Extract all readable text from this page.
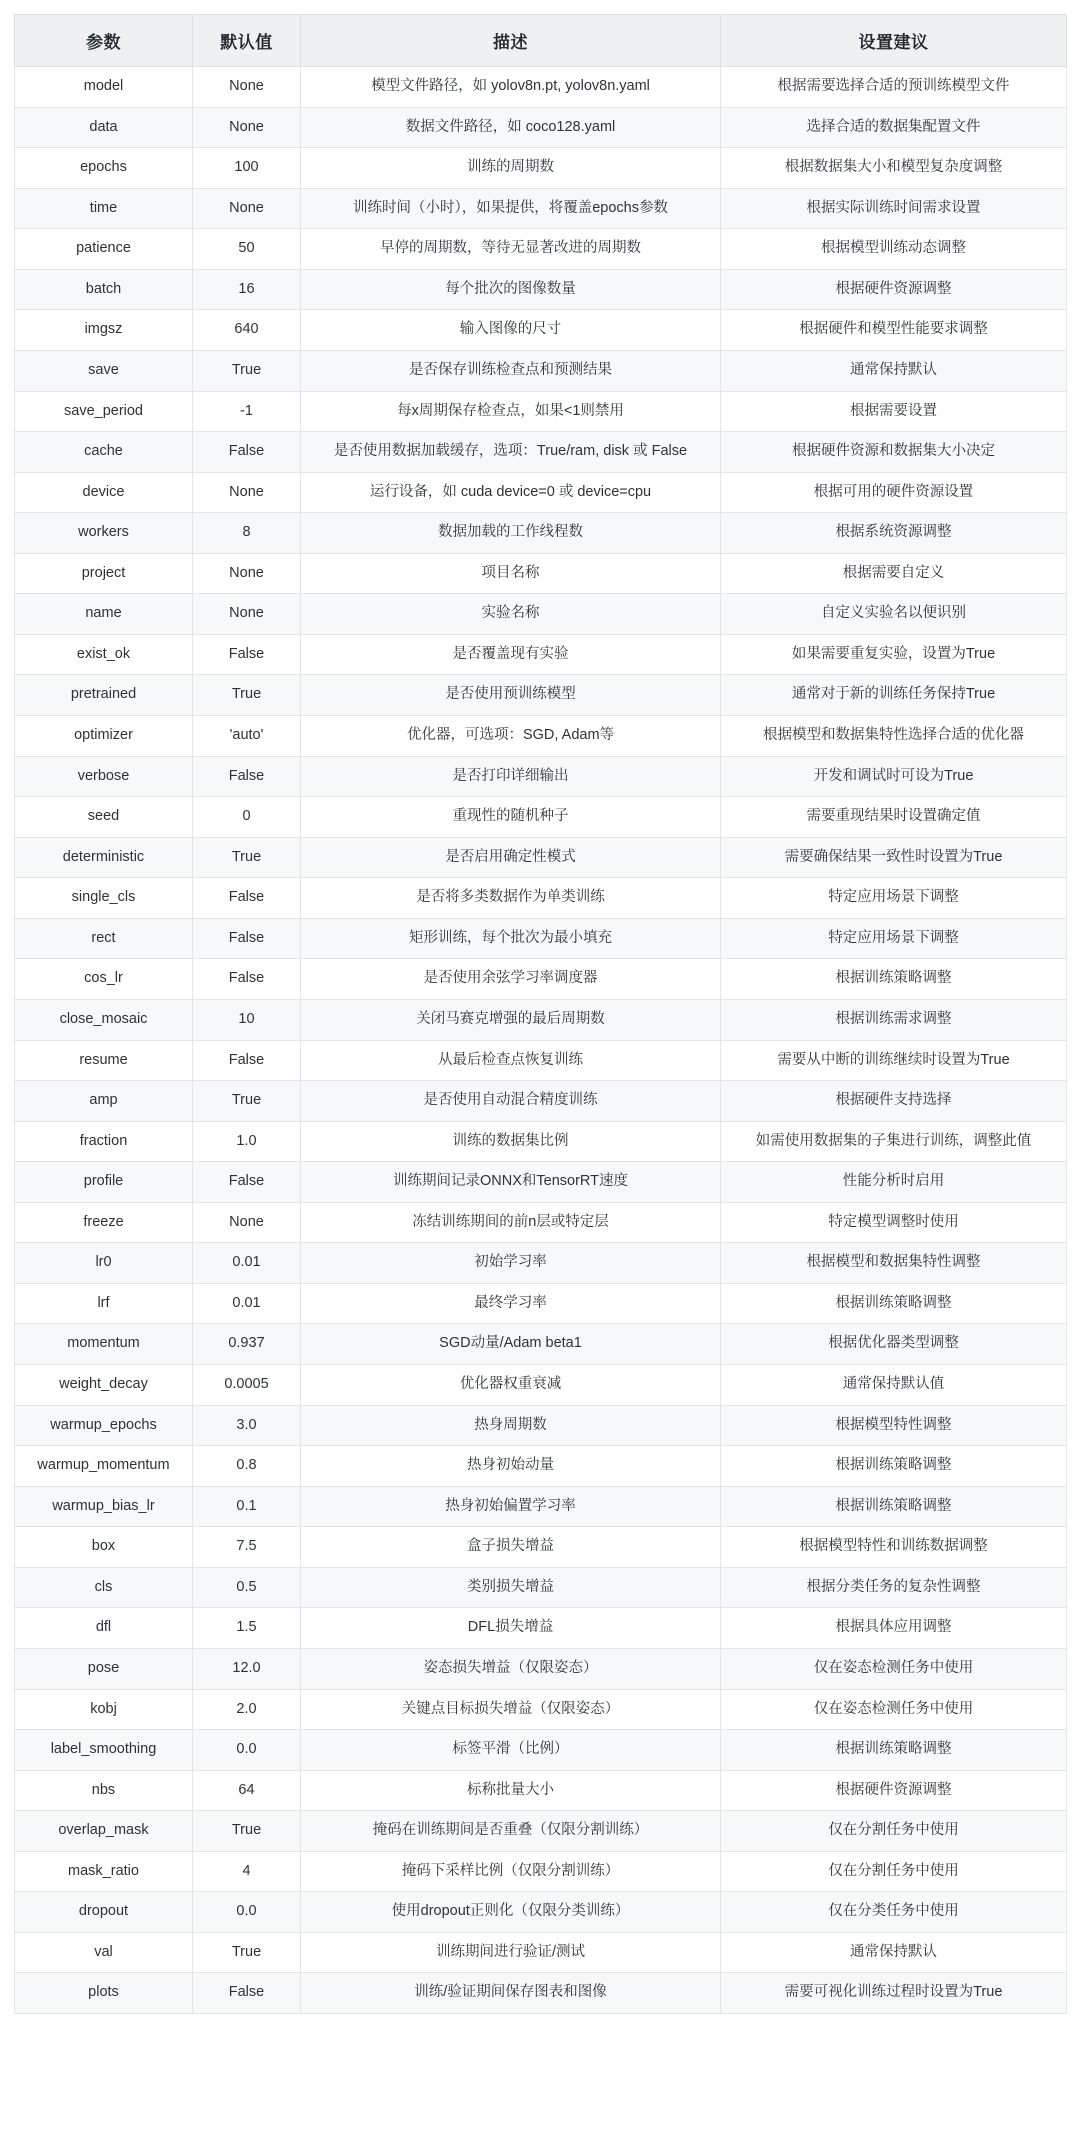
参数	默认值	描述	设置建议
model	None	模型文件路径，如 yolov8n.pt, yolov8n.yaml	根据需要选择合适的预训练模型文件
data	None	数据文件路径，如 coco128.yaml	选择合适的数据集配置文件
epochs	100	训练的周期数	根据数据集大小和模型复杂度调整
time	None	训练时间（小时），如果提供，将覆盖epochs参数	根据实际训练时间需求设置
patience	50	早停的周期数，等待无显著改进的周期数	根据模型训练动态调整
batch	16	每个批次的图像数量	根据硬件资源调整
imgsz	640	输入图像的尺寸	根据硬件和模型性能要求调整
save	True	是否保存训练检查点和预测结果	通常保持默认
save_period	-1	每x周期保存检查点，如果<1则禁用	根据需要设置
cache	False	是否使用数据加载缓存，选项：True/ram, disk 或 False	根据硬件资源和数据集大小决定
device	None	运行设备，如 cuda device=0 或 device=cpu	根据可用的硬件资源设置
workers	8	数据加载的工作线程数	根据系统资源调整
project	None	项目名称	根据需要自定义
name	None	实验名称	自定义实验名以便识别
exist_ok	False	是否覆盖现有实验	如果需要重复实验，设置为True
pretrained	True	是否使用预训练模型	通常对于新的训练任务保持True
optimizer	'auto'	优化器，可选项：SGD, Adam等	根据模型和数据集特性选择合适的优化器
verbose	False	是否打印详细输出	开发和调试时可设为True
seed	0	重现性的随机种子	需要重现结果时设置确定值
deterministic	True	是否启用确定性模式	需要确保结果一致性时设置为True
single_cls	False	是否将多类数据作为单类训练	特定应用场景下调整
rect	False	矩形训练，每个批次为最小填充	特定应用场景下调整
cos_lr	False	是否使用余弦学习率调度器	根据训练策略调整
close_mosaic	10	关闭马赛克增强的最后周期数	根据训练需求调整
resume	False	从最后检查点恢复训练	需要从中断的训练继续时设置为True
amp	True	是否使用自动混合精度训练	根据硬件支持选择
fraction	1.0	训练的数据集比例	如需使用数据集的子集进行训练，调整此值
profile	False	训练期间记录ONNX和TensorRT速度	性能分析时启用
freeze	None	冻结训练期间的前n层或特定层	特定模型调整时使用
lr0	0.01	初始学习率	根据模型和数据集特性调整
lrf	0.01	最终学习率	根据训练策略调整
momentum	0.937	SGD动量/Adam beta1	根据优化器类型调整
weight_decay	0.0005	优化器权重衰减	通常保持默认值
warmup_epochs	3.0	热身周期数	根据模型特性调整
warmup_momentum	0.8	热身初始动量	根据训练策略调整
warmup_bias_lr	0.1	热身初始偏置学习率	根据训练策略调整
box	7.5	盒子损失增益	根据模型特性和训练数据调整
cls	0.5	类别损失增益	根据分类任务的复杂性调整
dfl	1.5	DFL损失增益	根据具体应用调整
pose	12.0	姿态损失增益（仅限姿态）	仅在姿态检测任务中使用
kobj	2.0	关键点目标损失增益（仅限姿态）	仅在姿态检测任务中使用
label_smoothing	0.0	标签平滑（比例）	根据训练策略调整
nbs	64	标称批量大小	根据硬件资源调整
overlap_mask	True	掩码在训练期间是否重叠（仅限分割训练）	仅在分割任务中使用
mask_ratio	4	掩码下采样比例（仅限分割训练）	仅在分割任务中使用
dropout	0.0	使用dropout正则化（仅限分类训练）	仅在分类任务中使用
val	True	训练期间进行验证/测试	通常保持默认
plots	False	训练/验证期间保存图表和图像	需要可视化训练过程时设置为True
